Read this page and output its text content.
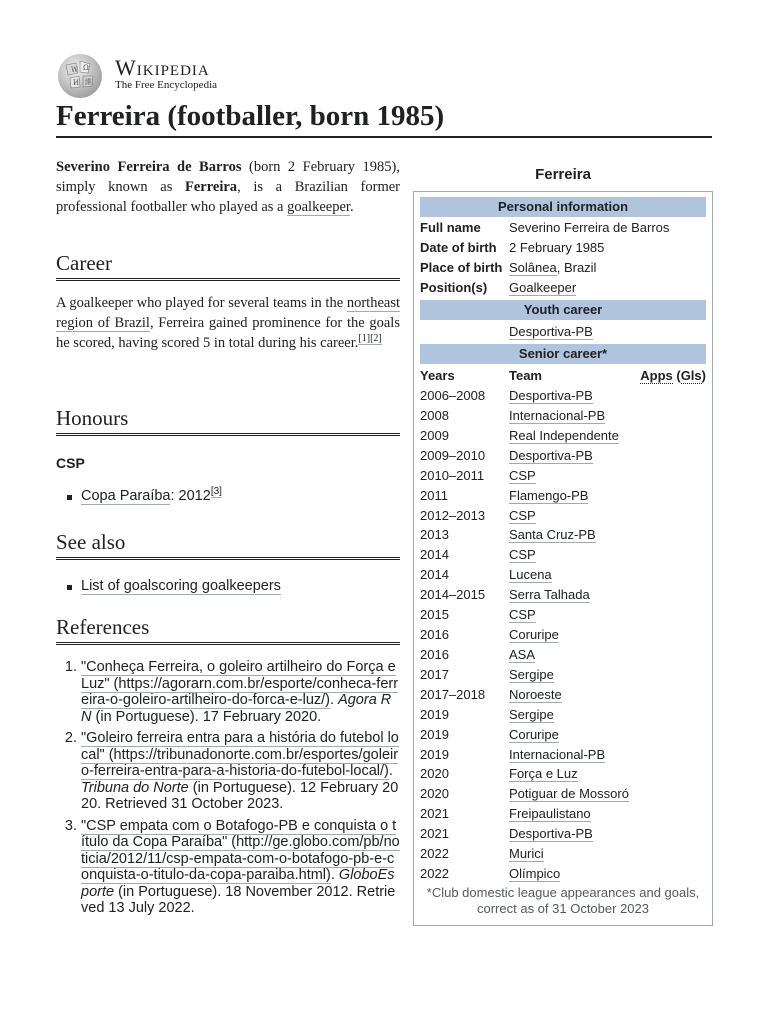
W Ω
И 維
Wikipedia
The Free Encyclopedia
Ferreira (footballer, born 1985)

Severino Ferreira de Barros (born 2 February 1985), simply known as Ferreira, is a Brazilian former professional footballer who played as a goalkeeper.

Career

A goalkeeper who played for several teams in the northeast region of Brazil, Ferreira gained prominence for the goals he scored, having scored 5 in total during his career.[1][2]

Honours
CSP
Copa Paraíba: 2012[3]
See also
List of goalscoring goalkeepers
References
1. "Conheça Ferreira, o goleiro artilheiro do Força e Luz" (https://agorarn.com.br/esporte/conheca-ferreira-o-goleiro-artilheiro-do-forca-e-luz/). Agora RN (in Portuguese). 17 February 2020.
2. "Goleiro ferreira entra para a história do futebol local" (https://tribunadonorte.com.br/esportes/goleiro-ferreira-entra-para-a-historia-do-futebol-local/). Tribuna do Norte (in Portuguese). 12 February 2020. Retrieved 31 October 2023.
3. "CSP empata com o Botafogo-PB e conquista o título da Copa Paraíba" (http://ge.globo.com/pb/noticia/2012/11/csp-empata-com-o-botafogo-pb-e-conquista-o-titulo-da-copa-paraiba.html). GloboEsporte (in Portuguese). 18 November 2012. Retrieved 13 July 2022.
Ferreira
Personal information
Full name Severino Ferreira de Barros
Date of birth 2 February 1985
Place of birth Solânea, Brazil
Position(s) Goalkeeper
Youth career
Desportiva-PB
Senior career*
Years	Team	Apps (Gls)
2006–2008 Desportiva-PB
2008	Internacional-PB
2009	Real Independente
2009–2010 Desportiva-PB
2010–2011 CSP
2011	Flamengo-PB
2012–2013 CSP
2013	Santa Cruz-PB
2014	CSP
2014	Lucena
2014–2015 Serra Talhada
2015	CSP
2016	Coruripe
2016	ASA
2017	Sergipe
2017–2018 Noroeste
2019	Sergipe
2019	Coruripe
2019	Internacional-PB
2020	Força e Luz
2020	Potiguar de Mossoró
2021	Freipaulistano
2021	Desportiva-PB
2022	Murici
2022	Olímpico
*Club domestic league appearances and goals, correct as of 31 October 2023
